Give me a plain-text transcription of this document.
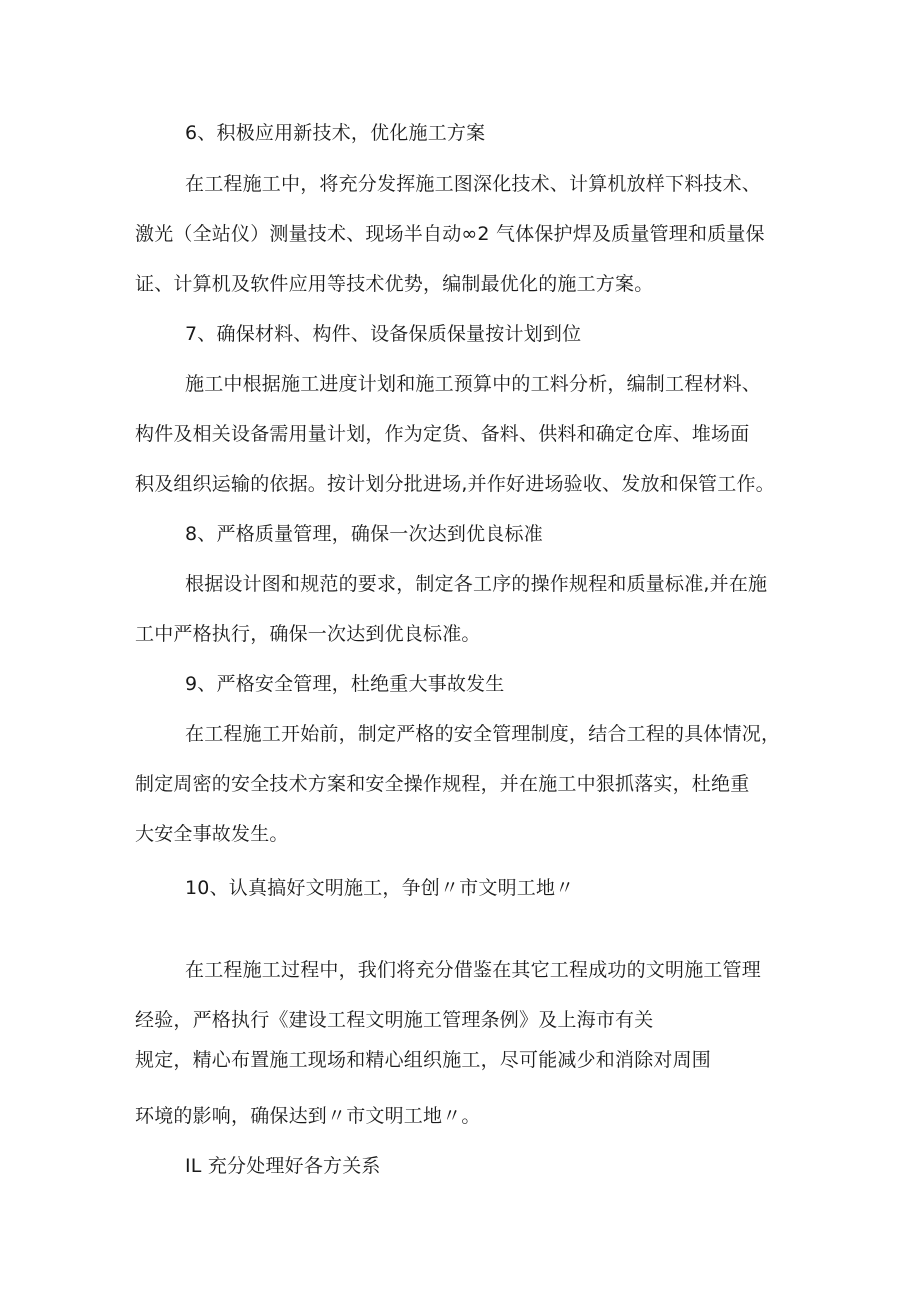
6、积极应用新技术，优化施工方案
在工程施工中，将充分发挥施工图深化技术、计算机放样下料技术、
激光（全站仪）测量技术、现场半自动∞2 气体保护焊及质量管理和质量保
证、计算机及软件应用等技术优势，编制最优化的施工方案。
7、确保材料、构件、设备保质保量按计划到位
施工中根据施工进度计划和施工预算中的工料分析，编制工程材料、
构件及相关设备需用量计划，作为定货、备料、供料和确定仓库、堆场面
积及组织运输的依据。按计划分批进场,并作好进场验收、发放和保管工作。
8、严格质量管理，确保一次达到优良标准
根据设计图和规范的要求，制定各工序的操作规程和质量标准,并在施
工中严格执行，确保一次达到优良标准。
9、严格安全管理，杜绝重大事故发生
在工程施工开始前，制定严格的安全管理制度，结合工程的具体情况，
制定周密的安全技术方案和安全操作规程，并在施工中狠抓落实，杜绝重
大安全事故发生。
10、认真搞好文明施工，争创〃市文明工地〃
在工程施工过程中，我们将充分借鉴在其它工程成功的文明施工管理
经验，严格执行《建设工程文明施工管理条例》及上海市有关
规定，精心布置施工现场和精心组织施工，尽可能减少和消除对周围
环境的影响，确保达到〃市文明工地〃。
IL 充分处理好各方关系
